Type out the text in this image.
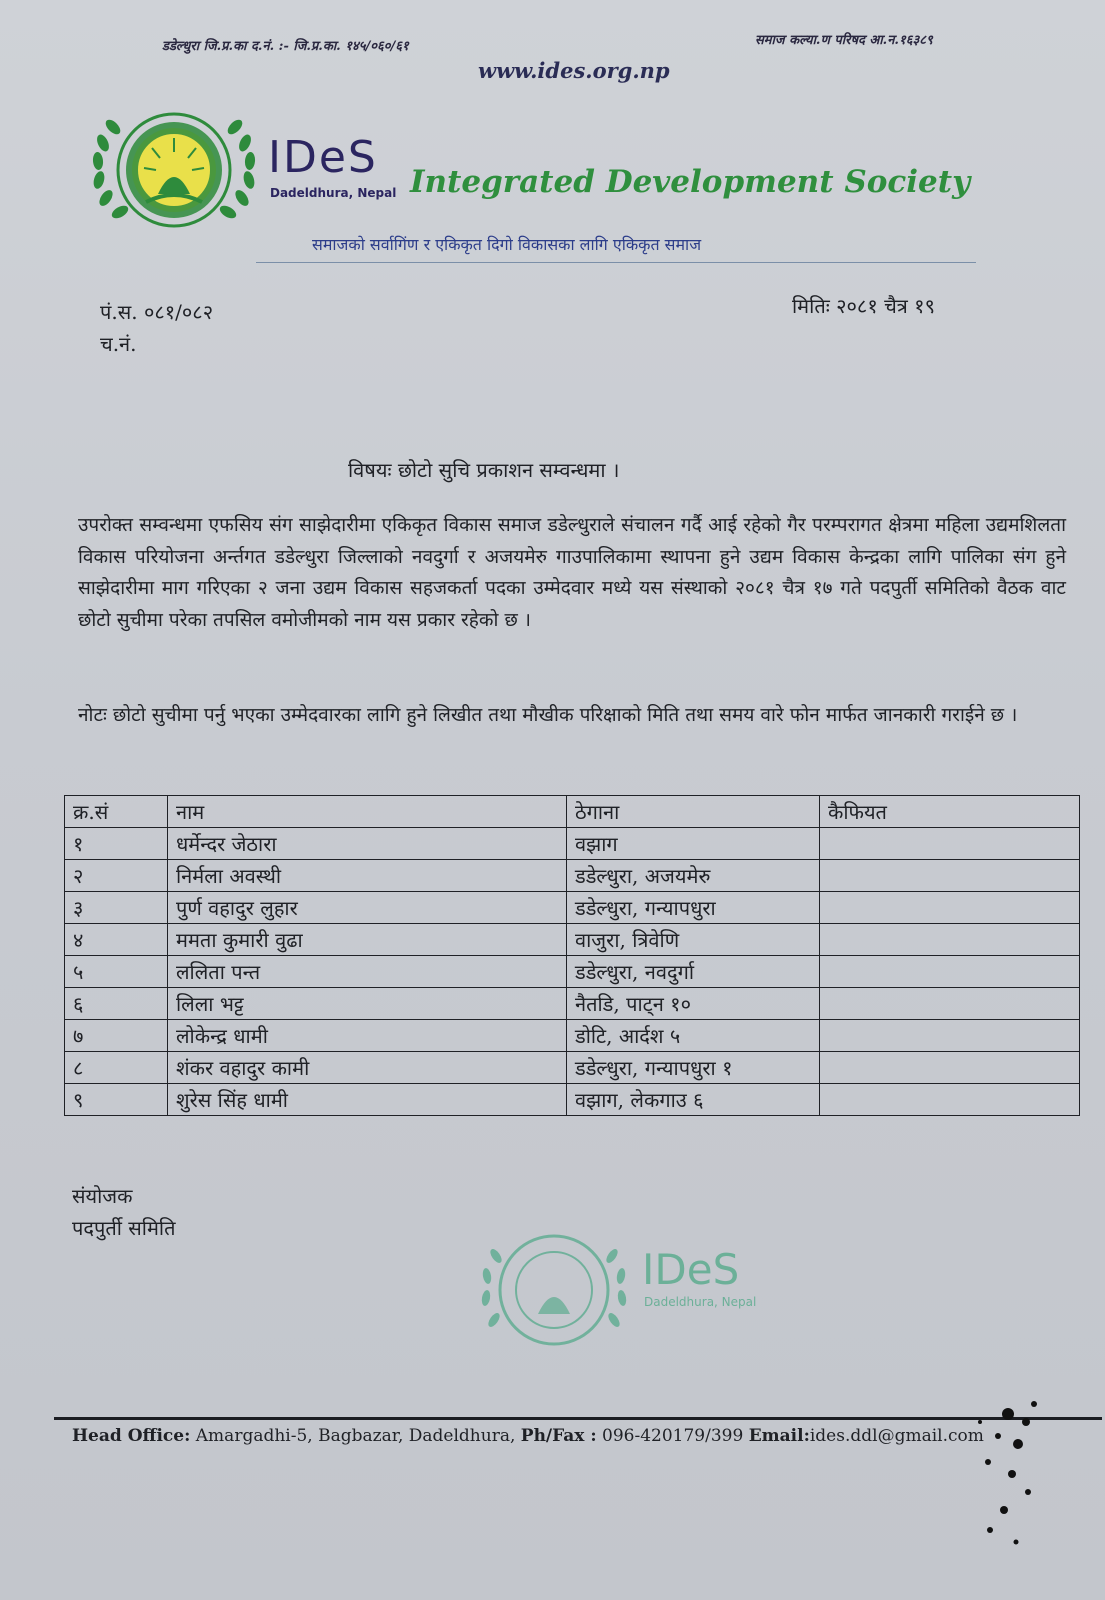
डडेल्धुरा जि.प्र.का द.नं. :- जि.प्र.का. १४५/०६०/६१	समाज कल्या.ण परिषद आ.न.१६३८९
www.ides.org.np
IDeS
Dadeldhura, Nepal Integrated Development Society
समाजको सर्वागिंण र एकिकृत दिगो विकासका लागि एकिकृत समाज
पं.स. ०८१/०८२
च.नं.
मितिः २०८१ चैत्र १९
विषयः छोटो सुचि प्रकाशन सम्वन्धमा ।
उपरोक्त सम्वन्धमा एफसिय संग साझेदारीमा एकिकृत विकास समाज डडेल्धुराले संचालन गर्दै आई रहेको गैर परम्परागत क्षेत्रमा महिला उद्यमशिलता विकास परियोजना अर्न्तगत डडेल्धुरा जिल्लाको नवदुर्गा र अजयमेरु गाउपालिकामा स्थापना हुने उद्यम विकास केन्द्रका लागि पालिका संग हुने साझेदारीमा माग गरिएका २ जना उद्यम विकास सहजकर्ता पदका उम्मेदवार मध्ये यस संस्थाको २०८१ चैत्र १७ गते पदपुर्ती समितिको वैठक वाट छोटो सुचीमा परेका तपसिल वमोजीमको नाम यस प्रकार रहेको छ ।
नोटः छोटो सुचीमा पर्नु भएका उम्मेदवारका लागि हुने लिखीत तथा मौखीक परिक्षाको मिति तथा समय वारे फोन मार्फत जानकारी गराईने छ ।
क्र.सं	नाम	ठेगाना	कैफियत
१	धर्मेन्दर जेठारा	वझाग	
२	निर्मला अवस्थी	डडेल्धुरा, अजयमेरु	
३	पुर्ण वहादुर लुहार	डडेल्धुरा, गन्यापधुरा	
४	ममता कुमारी वुढा	वाजुरा, त्रिवेणि	
५	ललिता पन्त	डडेल्धुरा, नवदुर्गा	
६	लिला भट्ट	नैतडि, पाट्न १०	
७	लोकेन्द्र धामी	डोटि, आर्दश ५	
८	शंकर वहादुर कामी	डडेल्धुरा, गन्यापधुरा १	
९	शुरेस सिंह धामी	वझाग, लेकगाउ ६	
संयोजक
पदपुर्ती समिति
IDeS
Dadeldhura, Nepal
Head Office: Amargadhi-5, Bagbazar, Dadeldhura, Ph/Fax : 096-420179/399 Email:ides.ddl@gmail.com
